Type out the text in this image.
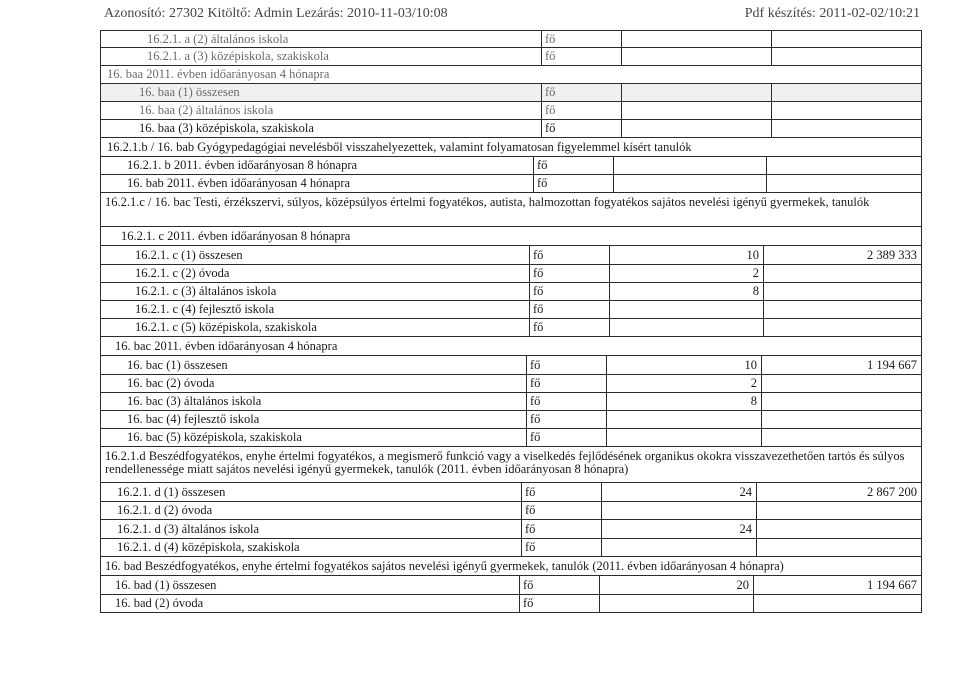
Azonosító: 27302 Kitöltő: Admin Lezárás: 2010-11-03/10:08	Pdf készítés: 2011-02-02/10:21
16.2.1. a (2) általános iskola	fő
16.2.1. a (3) középiskola, szakiskola	fő
16. baa 2011. évben időarányosan 4 hónapra
16. baa (1) összesen	fő
16. baa (2) általános iskola	fő
16. baa (3) középiskola, szakiskola	fő
16.2.1.b / 16. bab Gyógypedagógiai nevelésből visszahelyezettek, valamint folyamatosan figyelemmel kísért tanulók
16.2.1. b 2011. évben időarányosan 8 hónapra	fő
16. bab 2011. évben időarányosan 4 hónapra	fő
16.2.1.c / 16. bac Testi, érzékszervi, súlyos, középsúlyos értelmi fogyatékos, autista, halmozottan fogyatékos sajátos nevelési igényű gyermekek, tanulók
16.2.1. c 2011. évben időarányosan 8 hónapra
16.2.1. c (1) összesen	fő	10	2 389 333
16.2.1. c (2) óvoda	fő	2
16.2.1. c (3) általános iskola	fő	8
16.2.1. c (4) fejlesztő iskola	fő
16.2.1. c (5) középiskola, szakiskola	fő
16. bac 2011. évben időarányosan 4 hónapra
16. bac (1) összesen	fő	10	1 194 667
16. bac (2) óvoda	fő	2
16. bac (3) általános iskola	fő	8
16. bac (4) fejlesztő iskola	fő
16. bac (5) középiskola, szakiskola	fő
16.2.1.d Beszédfogyatékos, enyhe értelmi fogyatékos, a megismerő funkció vagy a viselkedés fejlődésének organikus okokra visszavezethetően tartós és súlyos rendellenessége miatt sajátos nevelési igényű gyermekek, tanulók (2011. évben időarányosan 8 hónapra)
16.2.1. d (1) összesen	fő	24	2 867 200
16.2.1. d (2) óvoda	fő
16.2.1. d (3) általános iskola	fő	24
16.2.1. d (4) középiskola, szakiskola	fő
16. bad Beszédfogyatékos, enyhe értelmi fogyatékos sajátos nevelési igényű gyermekek, tanulók (2011. évben időarányosan 4 hónapra)
16. bad (1) összesen	fő	20	1 194 667
16. bad (2) óvoda	fő
